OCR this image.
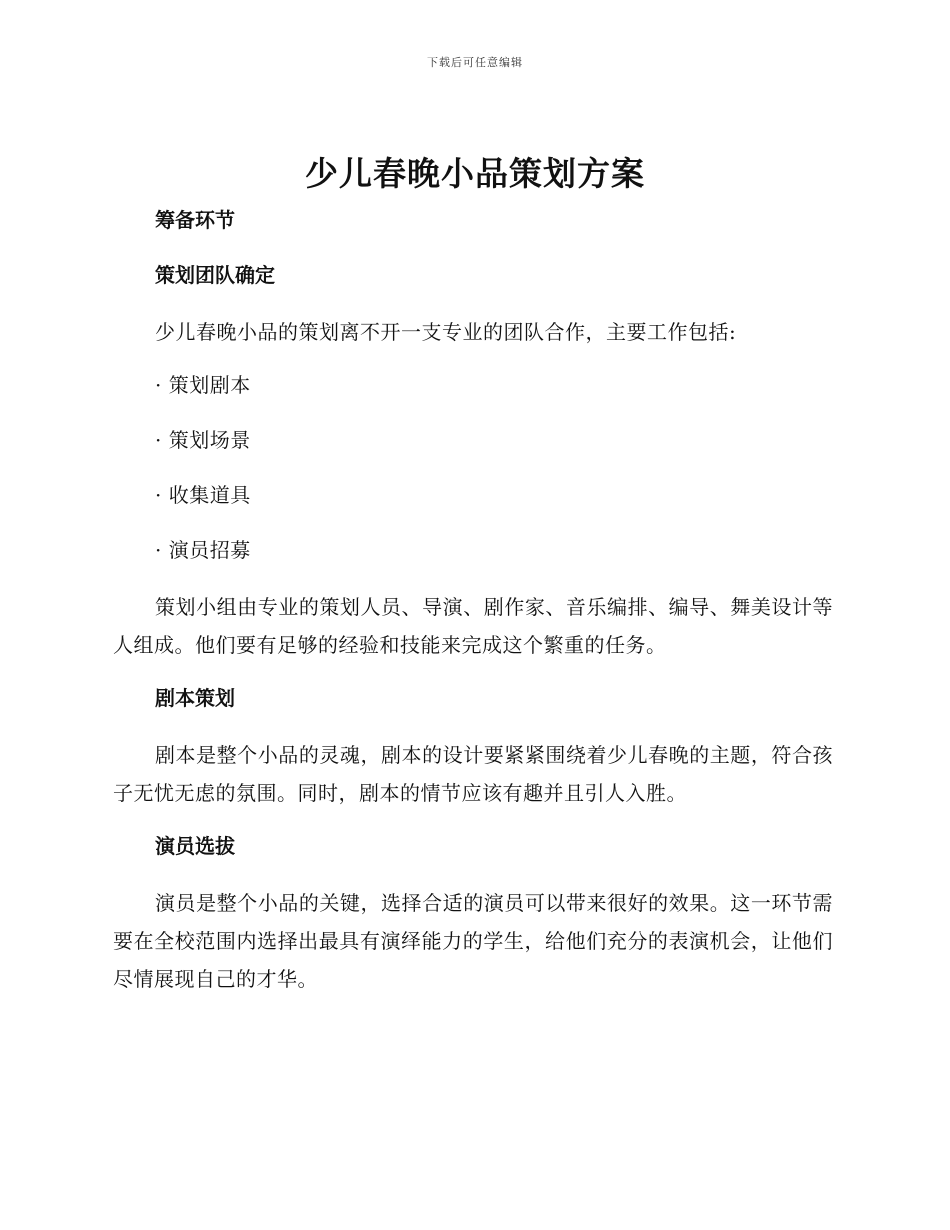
下载后可任意编辑
少儿春晚小品策划方案
筹备环节
策划团队确定
少儿春晚小品的策划离不开一支专业的团队合作，主要工作包括:
· 策划剧本
· 策划场景
· 收集道具
· 演员招募
策划小组由专业的策划人员、导演、剧作家、音乐编排、编导、舞美设计等人组成。他们要有足够的经验和技能来完成这个繁重的任务。
剧本策划
剧本是整个小品的灵魂，剧本的设计要紧紧围绕着少儿春晚的主题，符合孩子无忧无虑的氛围。同时，剧本的情节应该有趣并且引人入胜。
演员选拔
演员是整个小品的关键，选择合适的演员可以带来很好的效果。这一环节需要在全校范围内选择出最具有演绎能力的学生，给他们充分的表演机会，让他们尽情展现自己的才华。
